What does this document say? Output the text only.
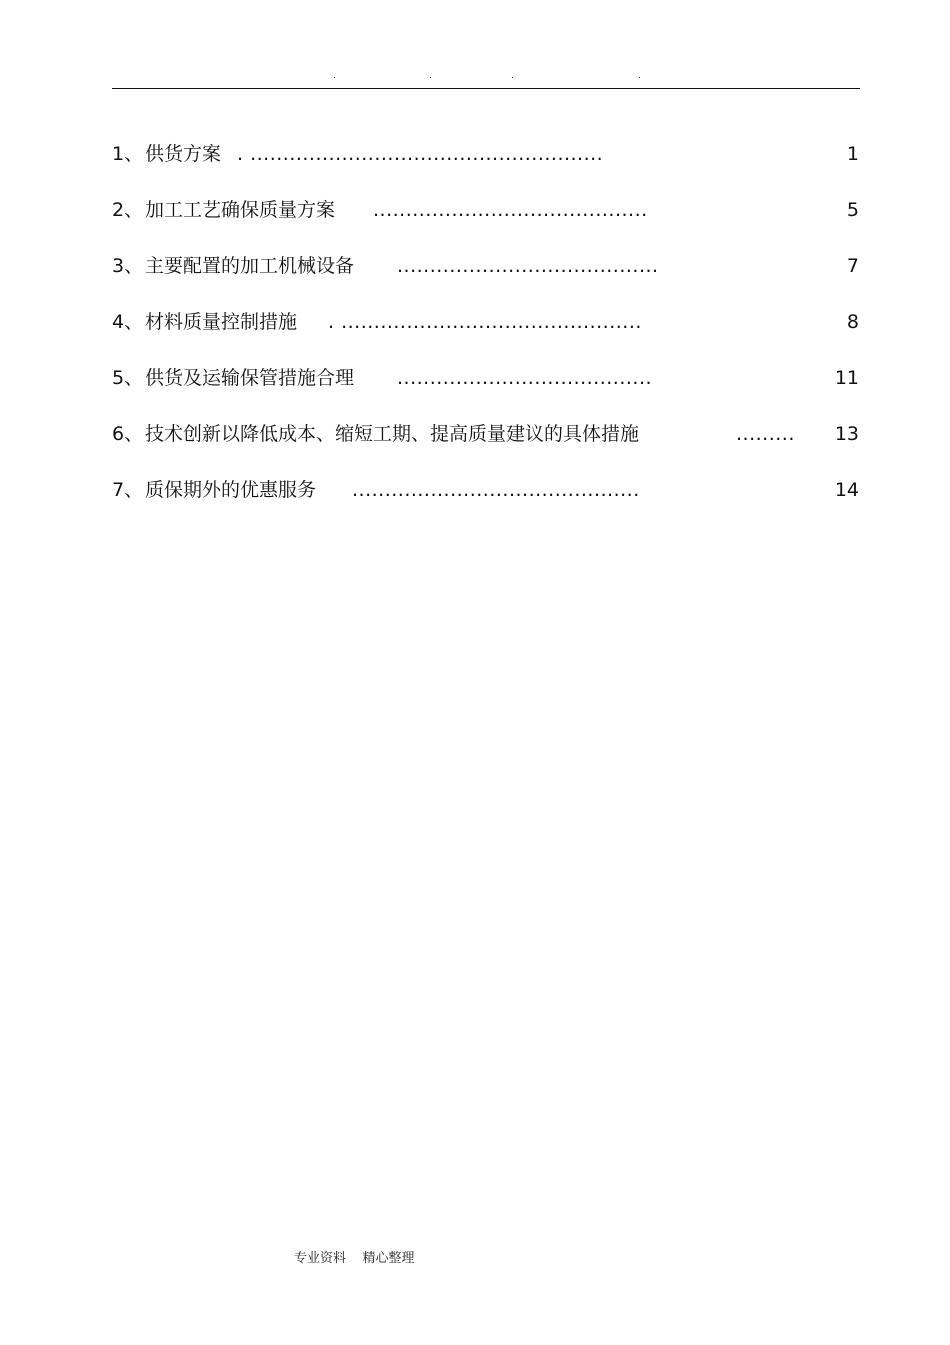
.	.	.	.
1、 供货方案 . ......................................................	1
2、 加工工艺确保质量方案 ..........................................	5
3、 主要配置的加工机械设备 ........................................	7
4、 材料质量控制措施 . ..............................................	8
5、 供货及运输保管措施合理 .......................................	11
6、 技术创新以降低成本、缩短工期、提高质量建议的具体措施	......... 13
7、 质保期外的优惠服务 ............................................	14
专业资料    精心整理
